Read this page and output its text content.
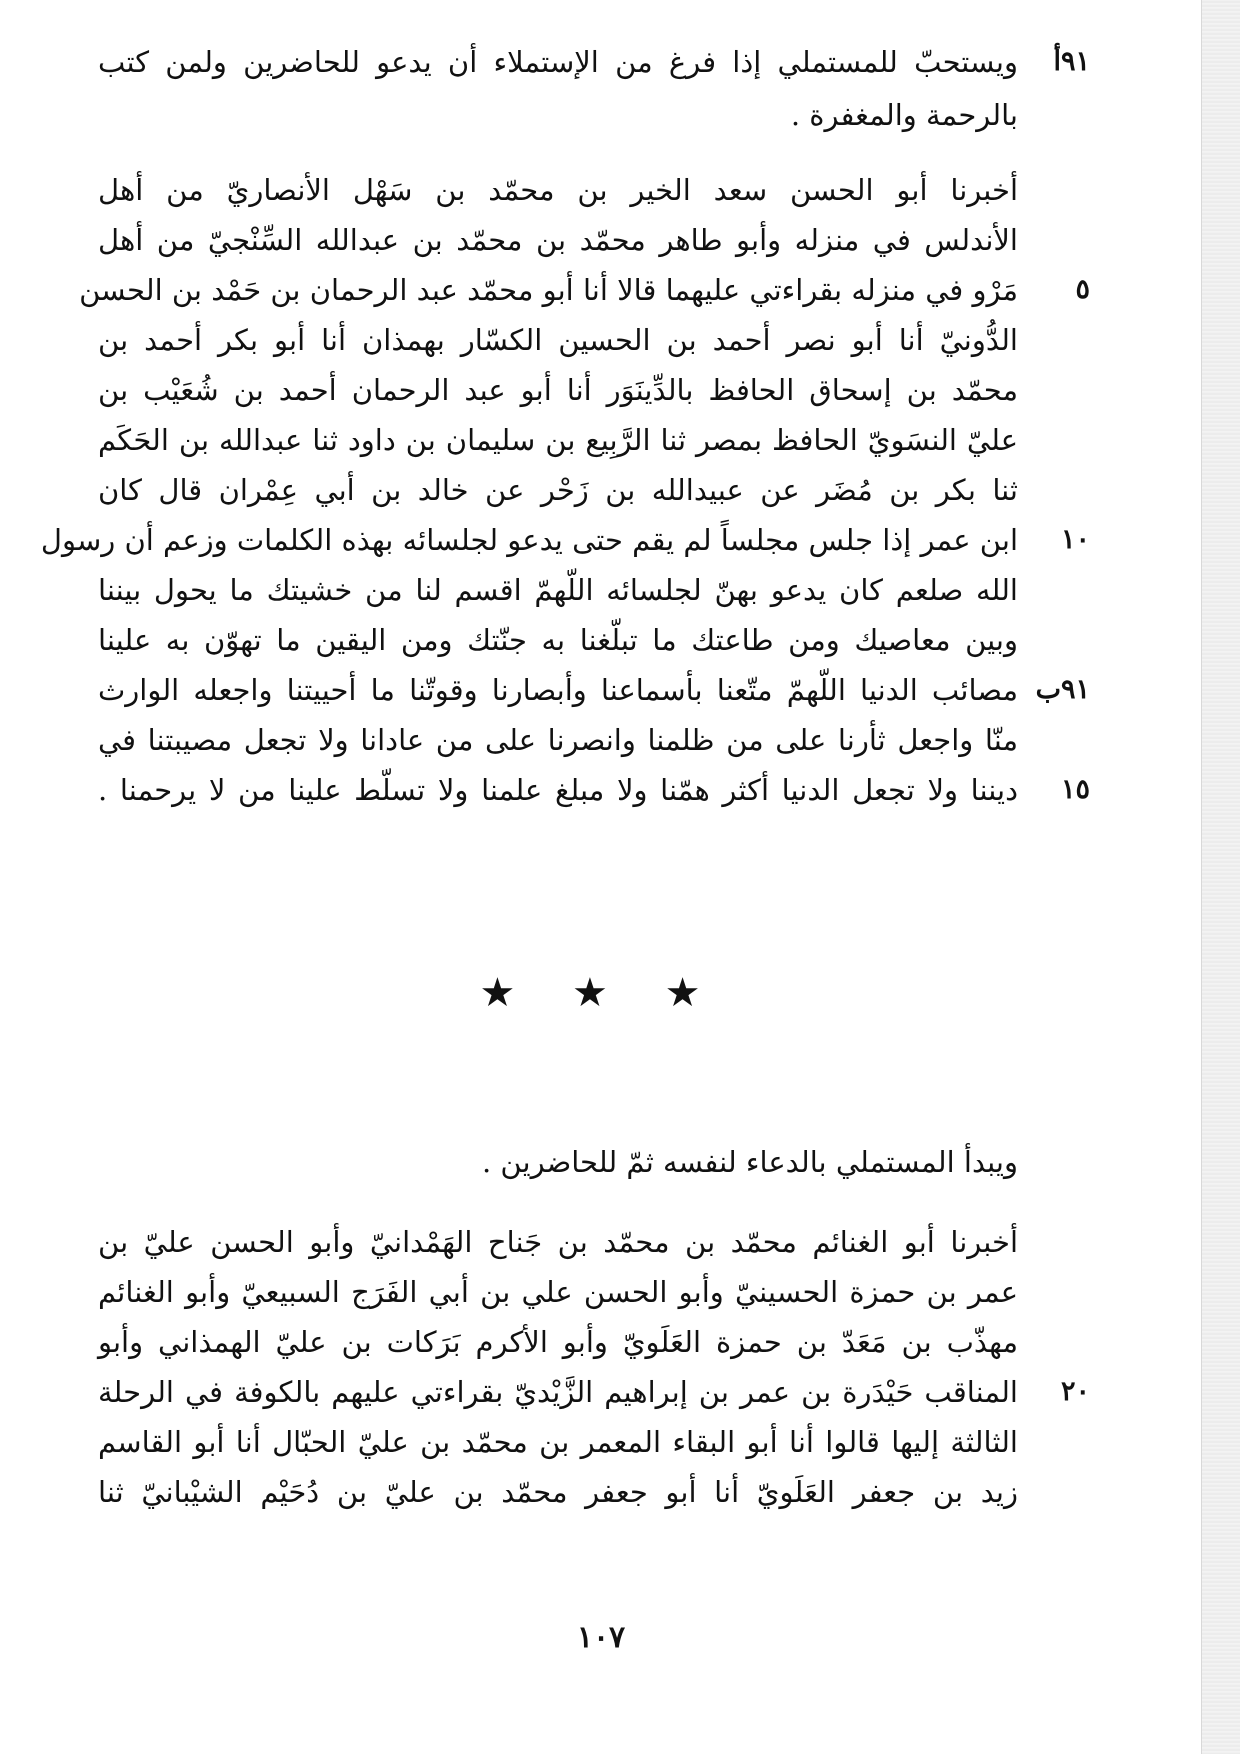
٩١أ
ويستحبّ للمستملي إذا فرغ من الإستملاء أن يدعو للحاضرين ولمن كتب
بالرحمة والمغفرة .
أخبرنا أبو الحسن سعد الخير بن محمّد بن سَهْل الأنصاريّ من أهل
الأندلس في منزله وأبو طاهر محمّد بن محمّد بن عبدالله السِّنْجيّ من أهل
مَرْو في منزله بقراءتي عليهما قالا أنا أبو محمّد عبد الرحمان بن حَمْد بن الحسن	٥
الدُّونيّ أنا أبو نصر أحمد بن الحسين الكسّار بهمذان أنا أبو بكر أحمد بن
محمّد بن إسحاق الحافظ بالدِّينَوَر أنا أبو عبد الرحمان أحمد بن شُعَيْب بن
عليّ النسَويّ الحافظ بمصر ثنا الرَّبِيع بن سليمان بن داود ثنا عبدالله بن الحَكَم
ثنا بكر بن مُضَر عن عبيدالله بن زَحْر عن خالد بن أبي عِمْران قال كان
ابن عمر إذا جلس مجلساً لم يقم حتى يدعو لجلسائه بهذه الكلمات وزعم أن رسول	١٠
الله صلعم كان يدعو بهنّ لجلسائه اللّهمّ اقسم لنا من خشيتك ما يحول بيننا
وبين معاصيك ومن طاعتك ما تبلّغنا به جنّتك ومن اليقين ما تهوّن به علينا
مصائب الدنيا اللّهمّ متّعنا بأسماعنا وأبصارنا وقوتّنا ما أحييتنا واجعله الوارث ٩١ب
منّا واجعل ثأرنا على من ظلمنا وانصرنا على من عادانا ولا تجعل مصيبتنا في
ديننا ولا تجعل الدنيا أكثر همّنا ولا مبلغ علمنا ولا تسلّط علينا من لا يرحمنا .	١٥
★ ★ ★
ويبدأ المستملي بالدعاء لنفسه ثمّ للحاضرين .
أخبرنا أبو الغنائم محمّد بن محمّد بن جَناح الهَمْدانيّ وأبو الحسن عليّ بن
عمر بن حمزة الحسينيّ وأبو الحسن علي بن أبي الفَرَج السبيعيّ وأبو الغنائم
مهذّب بن مَعَدّ بن حمزة العَلَويّ وأبو الأكرم بَرَكات بن عليّ الهمذاني وأبو
المناقب حَيْدَرة بن عمر بن إبراهيم الزَّيْديّ بقراءتي عليهم بالكوفة في الرحلة	٢٠
الثالثة إليها قالوا أنا أبو البقاء المعمر بن محمّد بن عليّ الحبّال أنا أبو القاسم
زيد بن جعفر العَلَويّ أنا أبو جعفر محمّد بن عليّ بن دُحَيْم الشيْبانيّ ثنا
١٠٧
